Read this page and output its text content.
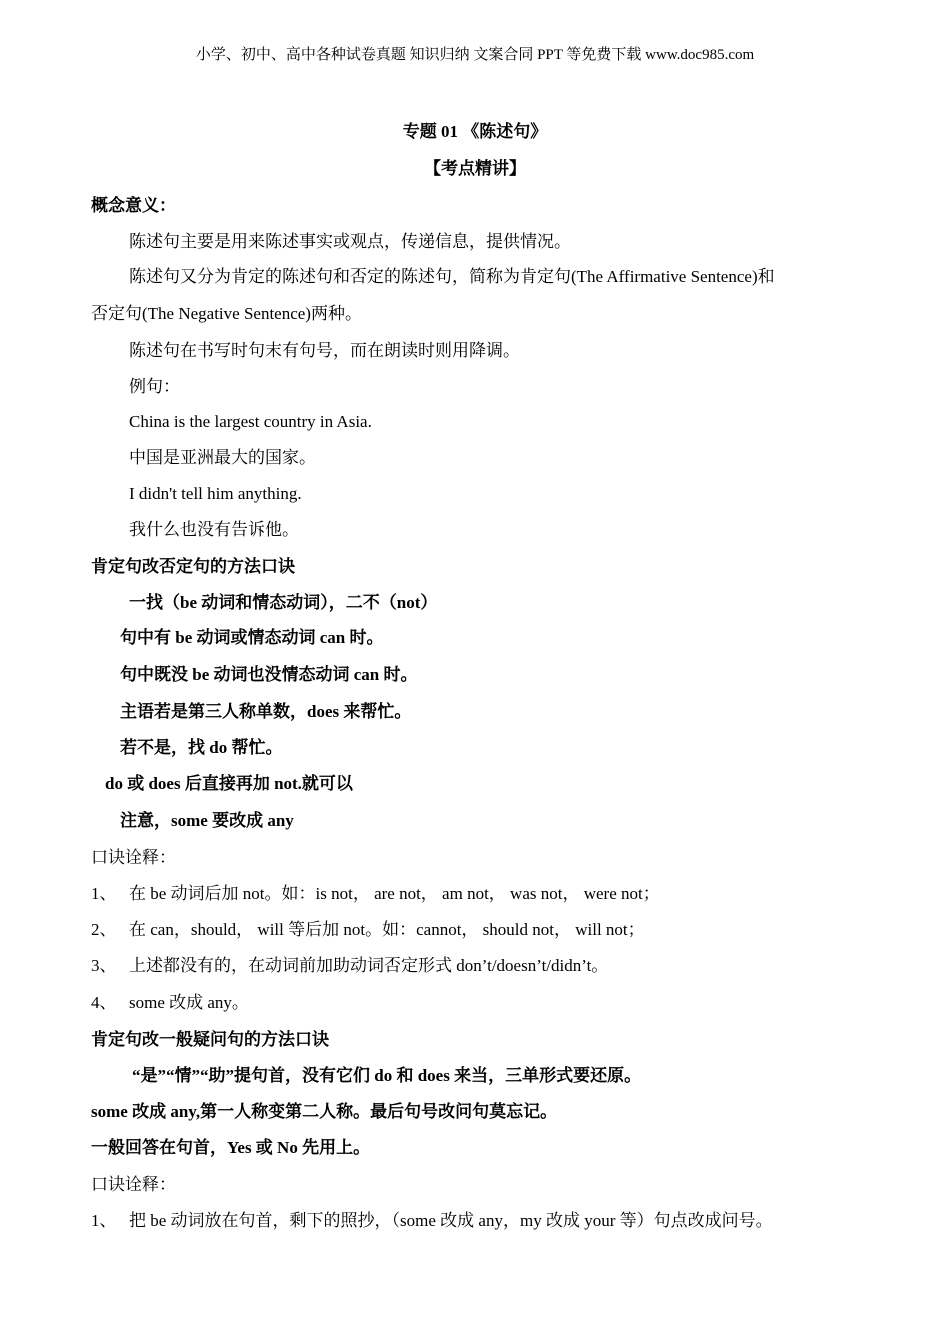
小学、初中、高中各种试卷真题 知识归纳 文案合同 PPT 等免费下载 www.doc985.com
专题 01 《陈述句》
【考点精讲】
概念意义：
陈述句主要是用来陈述事实或观点，传递信息，提供情况。
陈述句又分为肯定的陈述句和否定的陈述句，简称为肯定句(The Affirmative Sentence)和
否定句(The Negative Sentence)两种。
陈述句在书写时句末有句号，而在朗读时则用降调。
例句：
China is the largest country in Asia.
中国是亚洲最大的国家。
I didn't tell him anything.
我什么也没有告诉他。
肯定句改否定句的方法口诀
一找（be 动词和情态动词），二不（not）
句中有 be 动词或情态动词 can 时。
句中既没 be 动词也没情态动词 can 时。
主语若是第三人称单数，does 来帮忙。
若不是，找 do 帮忙。
do 或 does 后直接再加 not.就可以
注意，some 要改成 any
口诀诠释：
1、 在 be 动词后加 not。如：is not， are not， am not， was not， were not；
2、 在 can，should， will 等后加 not。如：cannot， should not， will not；
3、 上述都没有的，在动词前加助动词否定形式 don’t/doesn’t/didn’t。
4、 some 改成 any。
肯定句改一般疑问句的方法口诀
“是”“情”“助”提句首，没有它们 do 和 does 来当，三单形式要还原。
some 改成 any,第一人称变第二人称。最后句号改问句莫忘记。
一般回答在句首，Yes 或 No 先用上。
口诀诠释：
1、 把 be 动词放在句首，剩下的照抄，（some 改成 any，my 改成 your 等）句点改成问号。
